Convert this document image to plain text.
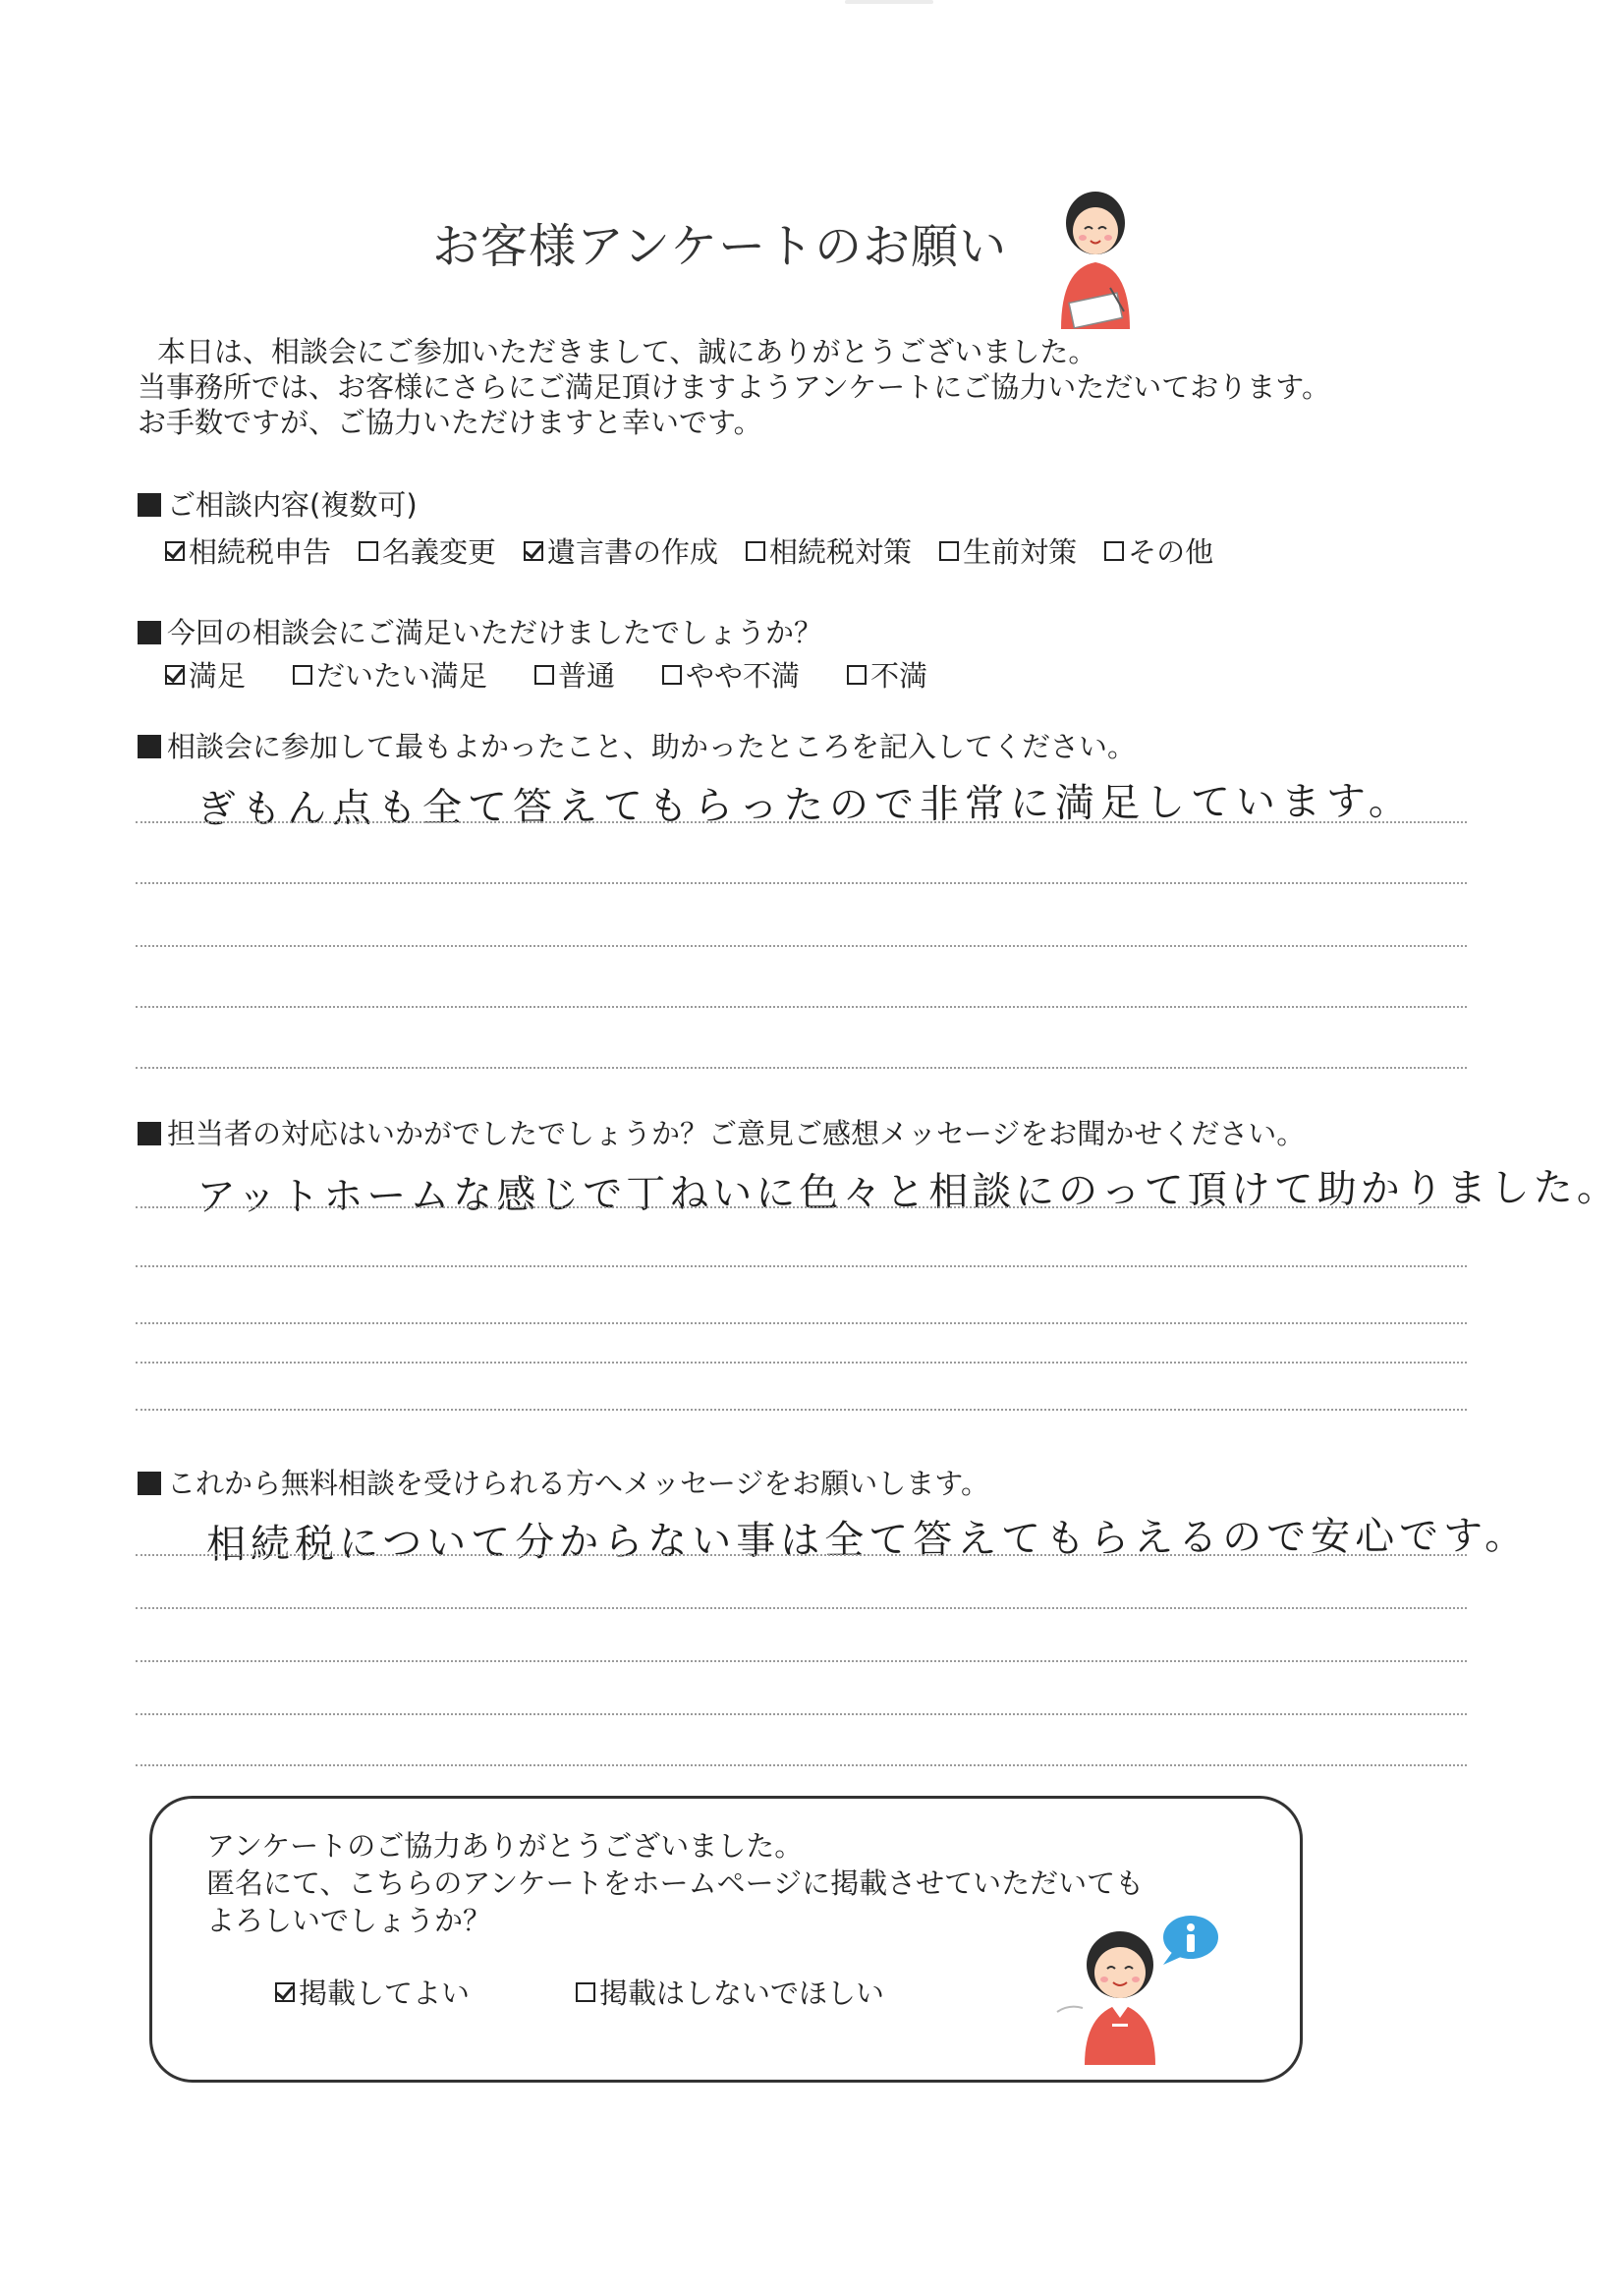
お客様アンケートのお願い
本日は、相談会にご参加いただきまして、誠にありがとうございました。
当事務所では、お客様にさらにご満足頂けますようアンケートにご協力いただいております。
お手数ですが、ご協力いただけますと幸いです。
ご相談内容(複数可)
相続税申告 名義変更 遺言書の作成 相続税対策 生前対策 その他
今回の相談会にご満足いただけましたでしょうか？
満足 だいたい満足 普通 やや不満 不満
相談会に参加して最もよかったこと、助かったところを記入してください。
ぎもん点も全て答えてもらったので非常に満足しています。
担当者の対応はいかがでしたでしょうか？ご意見ご感想メッセージをお聞かせください。
アットホームな感じで丁ねいに色々と相談にのって頂けて助かりました。
これから無料相談を受けられる方へメッセージをお願いします。
相続税について分からない事は全て答えてもらえるので安心です。
アンケートのご協力ありがとうございました。
匿名にて、こちらのアンケートをホームページに掲載させていただいても
よろしいでしょうか？
掲載してよい	掲載はしないでほしい
